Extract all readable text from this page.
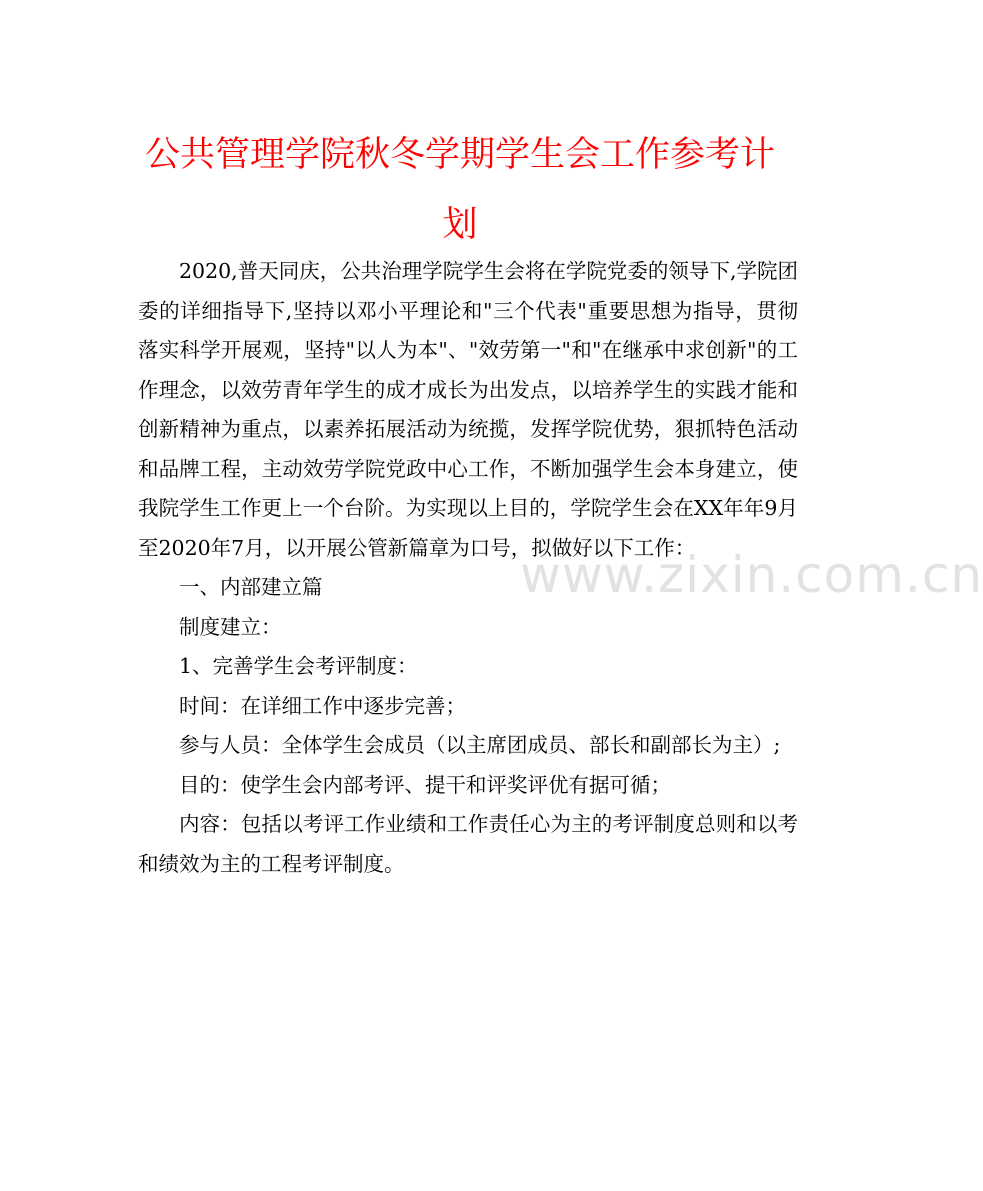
公共管理学院秋冬学期学生会工作参考计划
www.zixin.com.cn

2020,普天同庆，公共治理学院学生会将在学院党委的领导下,学院团委的详细指导下,坚持以邓小平理论和"三个代表"重要思想为指导，贯彻落实科学开展观，坚持"以人为本"、"效劳第一"和"在继承中求创新"的工作理念，以效劳青年学生的成才成长为出发点，以培养学生的实践才能和创新精神为重点，以素养拓展活动为统揽，发挥学院优势，狠抓特色活动和品牌工程，主动效劳学院党政中心工作，不断加强学生会本身建立，使我院学生工作更上一个台阶。为实现以上目的，学院学生会在XX年年9月至2020年7月，以开展公管新篇章为口号，拟做好以下工作：

一、内部建立篇

制度建立：

1、完善学生会考评制度：

时间：在详细工作中逐步完善；

参与人员：全体学生会成员（以主席团成员、部长和副部长为主）;

目的：使学生会内部考评、提干和评奖评优有据可循；

内容：包括以考评工作业绩和工作责任心为主的考评制度总则和以考和绩效为主的工程考评制度。
